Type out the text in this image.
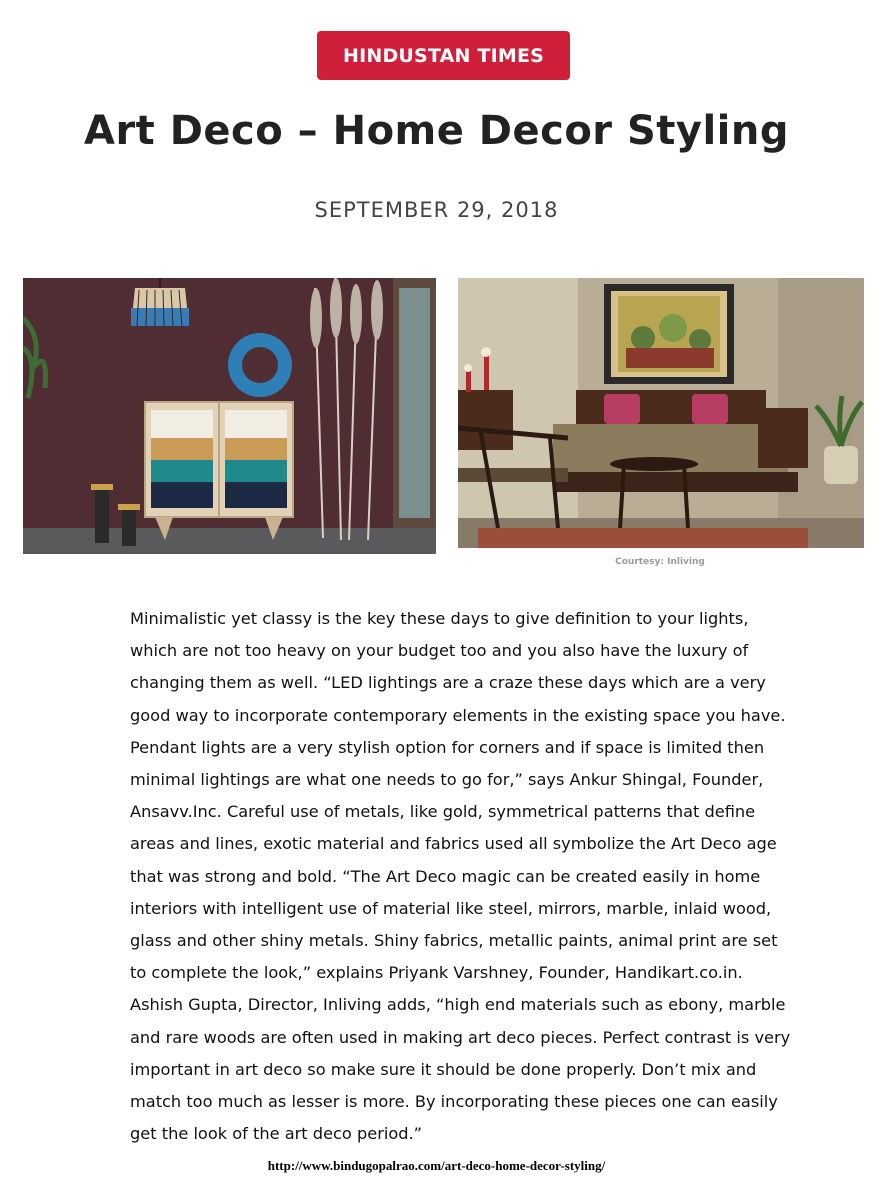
HINDUSTAN TIMES
Art Deco – Home Decor Styling
SEPTEMBER 29, 2018
Courtesy: Inliving

Minimalistic yet classy is the key these days to give definition to your lights, which are not too heavy on your budget too and you also have the luxury of changing them as well. “LED lightings are a craze these days which are a very good way to incorporate contemporary elements in the existing space you have. Pendant lights are a very stylish option for corners and if space is limited then minimal lightings are what one needs to go for,” says Ankur Shingal, Founder, Ansavv.Inc. Careful use of metals, like gold, symmetrical patterns that define areas and lines, exotic material and fabrics used all symbolize the Art Deco age that was strong and bold. “The Art Deco magic can be created easily in home interiors with intelligent use of material like steel, mirrors, marble, inlaid wood, glass and other shiny metals. Shiny fabrics, metallic paints, animal print are set to complete the look,” explains Priyank Varshney, Founder, Handikart.co.in. Ashish Gupta, Director, Inliving adds, “high end materials such as ebony, marble and rare woods are often used in making art deco pieces. Perfect contrast is very important in art deco so make sure it should be done properly. Don’t mix and match too much as lesser is more. By incorporating these pieces one can easily get the look of the art deco period.”

http://www.bindugopalrao.com/art-deco-home-decor-styling/
